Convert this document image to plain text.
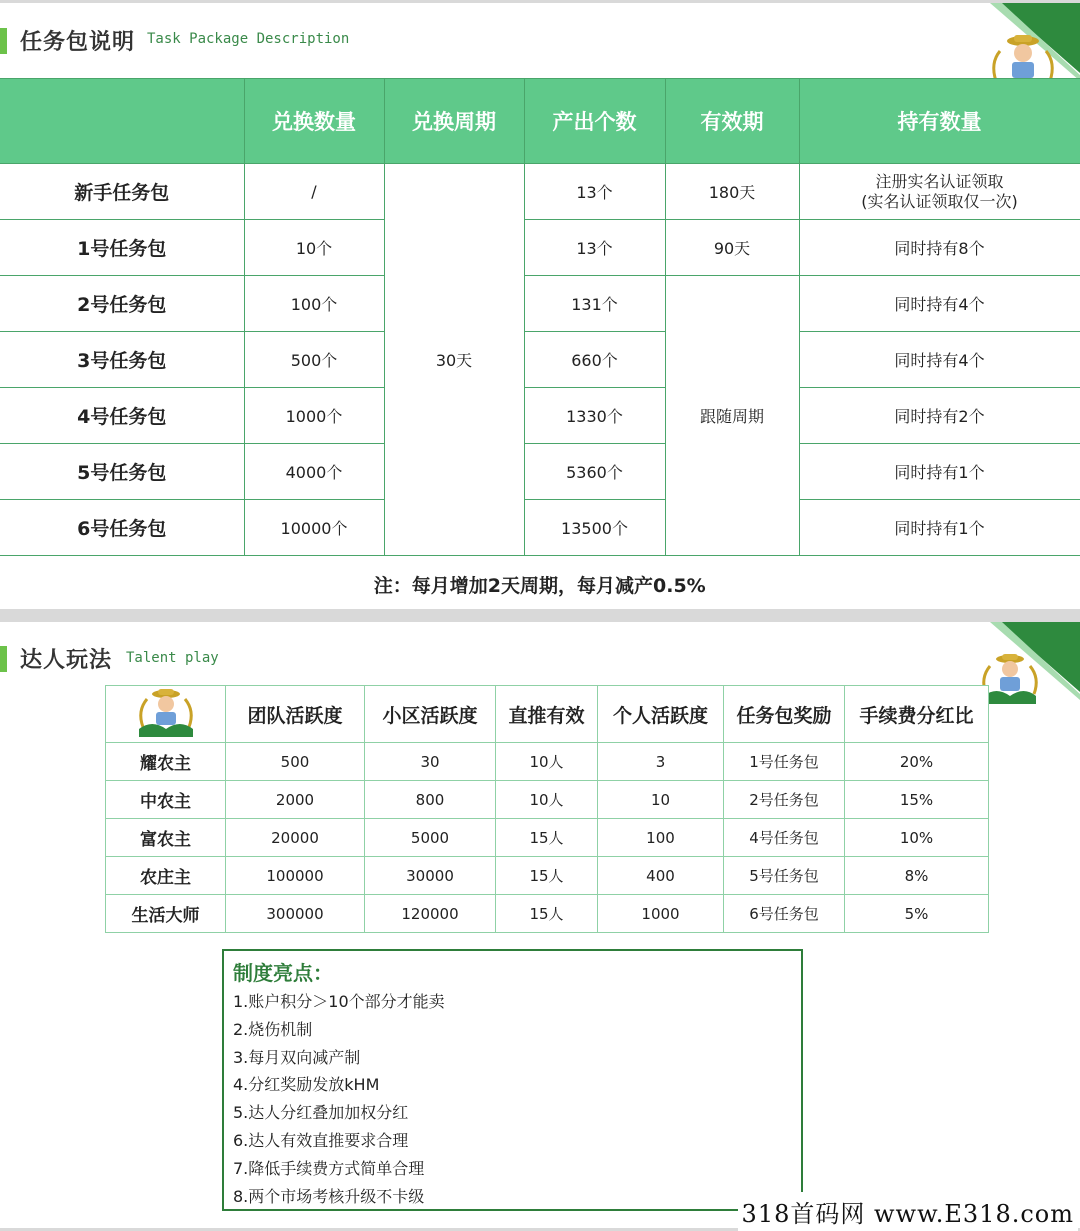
任务包说明 Task Package Description
	兑换数量	兑换周期	产出个数	有效期	持有数量
新手任务包	/	30天	13个	180天	注册实名认证领取
(实名认证领取仅一次)

1号任务包	10个		13个	90天	同时持有8个
2号任务包	100个		131个	跟随周期	同时持有4个
3号任务包	500个		660个		同时持有4个
4号任务包	1000个		1330个		同时持有2个
5号任务包	4000个		5360个		同时持有1个
6号任务包	10000个		13500个		同时持有1个
注：每月增加2天周期，每月减产0.5%					
达人玩法 Talent play
	团队活跃度	小区活跃度	直推有效	个人活跃度	任务包奖励	手续费分红比
耀农主	500	30	10人	3	1号任务包	20%
中农主	2000	800	10人	10	2号任务包	15%
富农主	20000	5000	15人	100	4号任务包	10%
农庄主	100000	30000	15人	400	5号任务包	8%
生活大师	300000	120000	15人	1000	6号任务包	5%
制度亮点：
1.账户积分＞10个部分才能卖
2.烧伤机制
3.每月双向减产制
4.分红奖励发放kHM
5.达人分红叠加加权分红
6.达人有效直推要求合理
7.降低手续费方式简单合理
8.两个市场考核升级不卡级
318首码网 www.E318.com
